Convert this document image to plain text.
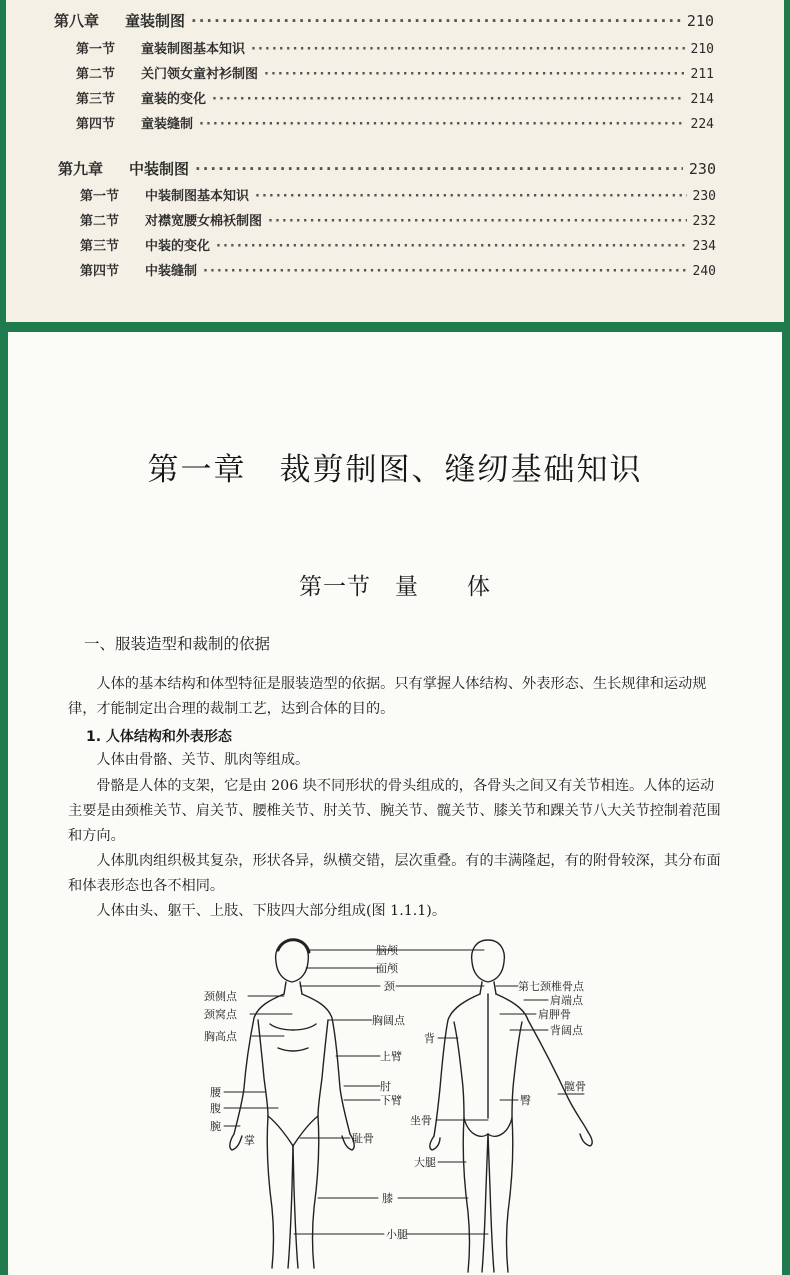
第八章 童装制图 ·····	210
第一节 童装制图基本知识 ·····	210
第二节 关门领女童衬衫制图 ·····	211
第三节 童装的变化 ·····	214
第四节 童装缝制 ·····	224
第九章 中装制图 ·····	230
第一节 中装制图基本知识 ·····	230
第二节 对襟宽腰女棉袄制图 ·····	232
第三节 中装的变化 ·····	234
第四节 中装缝制 ·····	240
第一章　裁剪制图、缝纫基础知识
第一节　量　　体
一、服装造型和裁制的依据
人体的基本结构和体型特征是服装造型的依据。只有掌握人体结构、外表形态、生长规律和运动规律，才能制定出合理的裁制工艺，达到合体的目的。
1. 人体结构和外表形态
人体由骨骼、关节、肌肉等组成。
骨骼是人体的支架，它是由 206 块不同形状的骨头组成的，各骨头之间又有关节相连。人体的运动主要是由颈椎关节、肩关节、腰椎关节、肘关节、腕关节、髋关节、膝关节和踝关节八大关节控制着范围和方向。
人体肌肉组织极其复杂，形状各异，纵横交错，层次重叠。有的丰满隆起，有的附骨较深，其分布面和体表形态也各不相同。
人体由头、躯干、上肢、下肢四大部分组成(图 1.1.1)。
脑颅
面颅
颈	第七颈椎骨点
肩端点
肩胛骨
背阔点
颈侧点
颈窝点
胸高点
胸阔点
背
上臂
肘
下臂
腰
腹
腕
掌	耻骨
坐骨
髋骨
臀
大腿
膝
小腿
